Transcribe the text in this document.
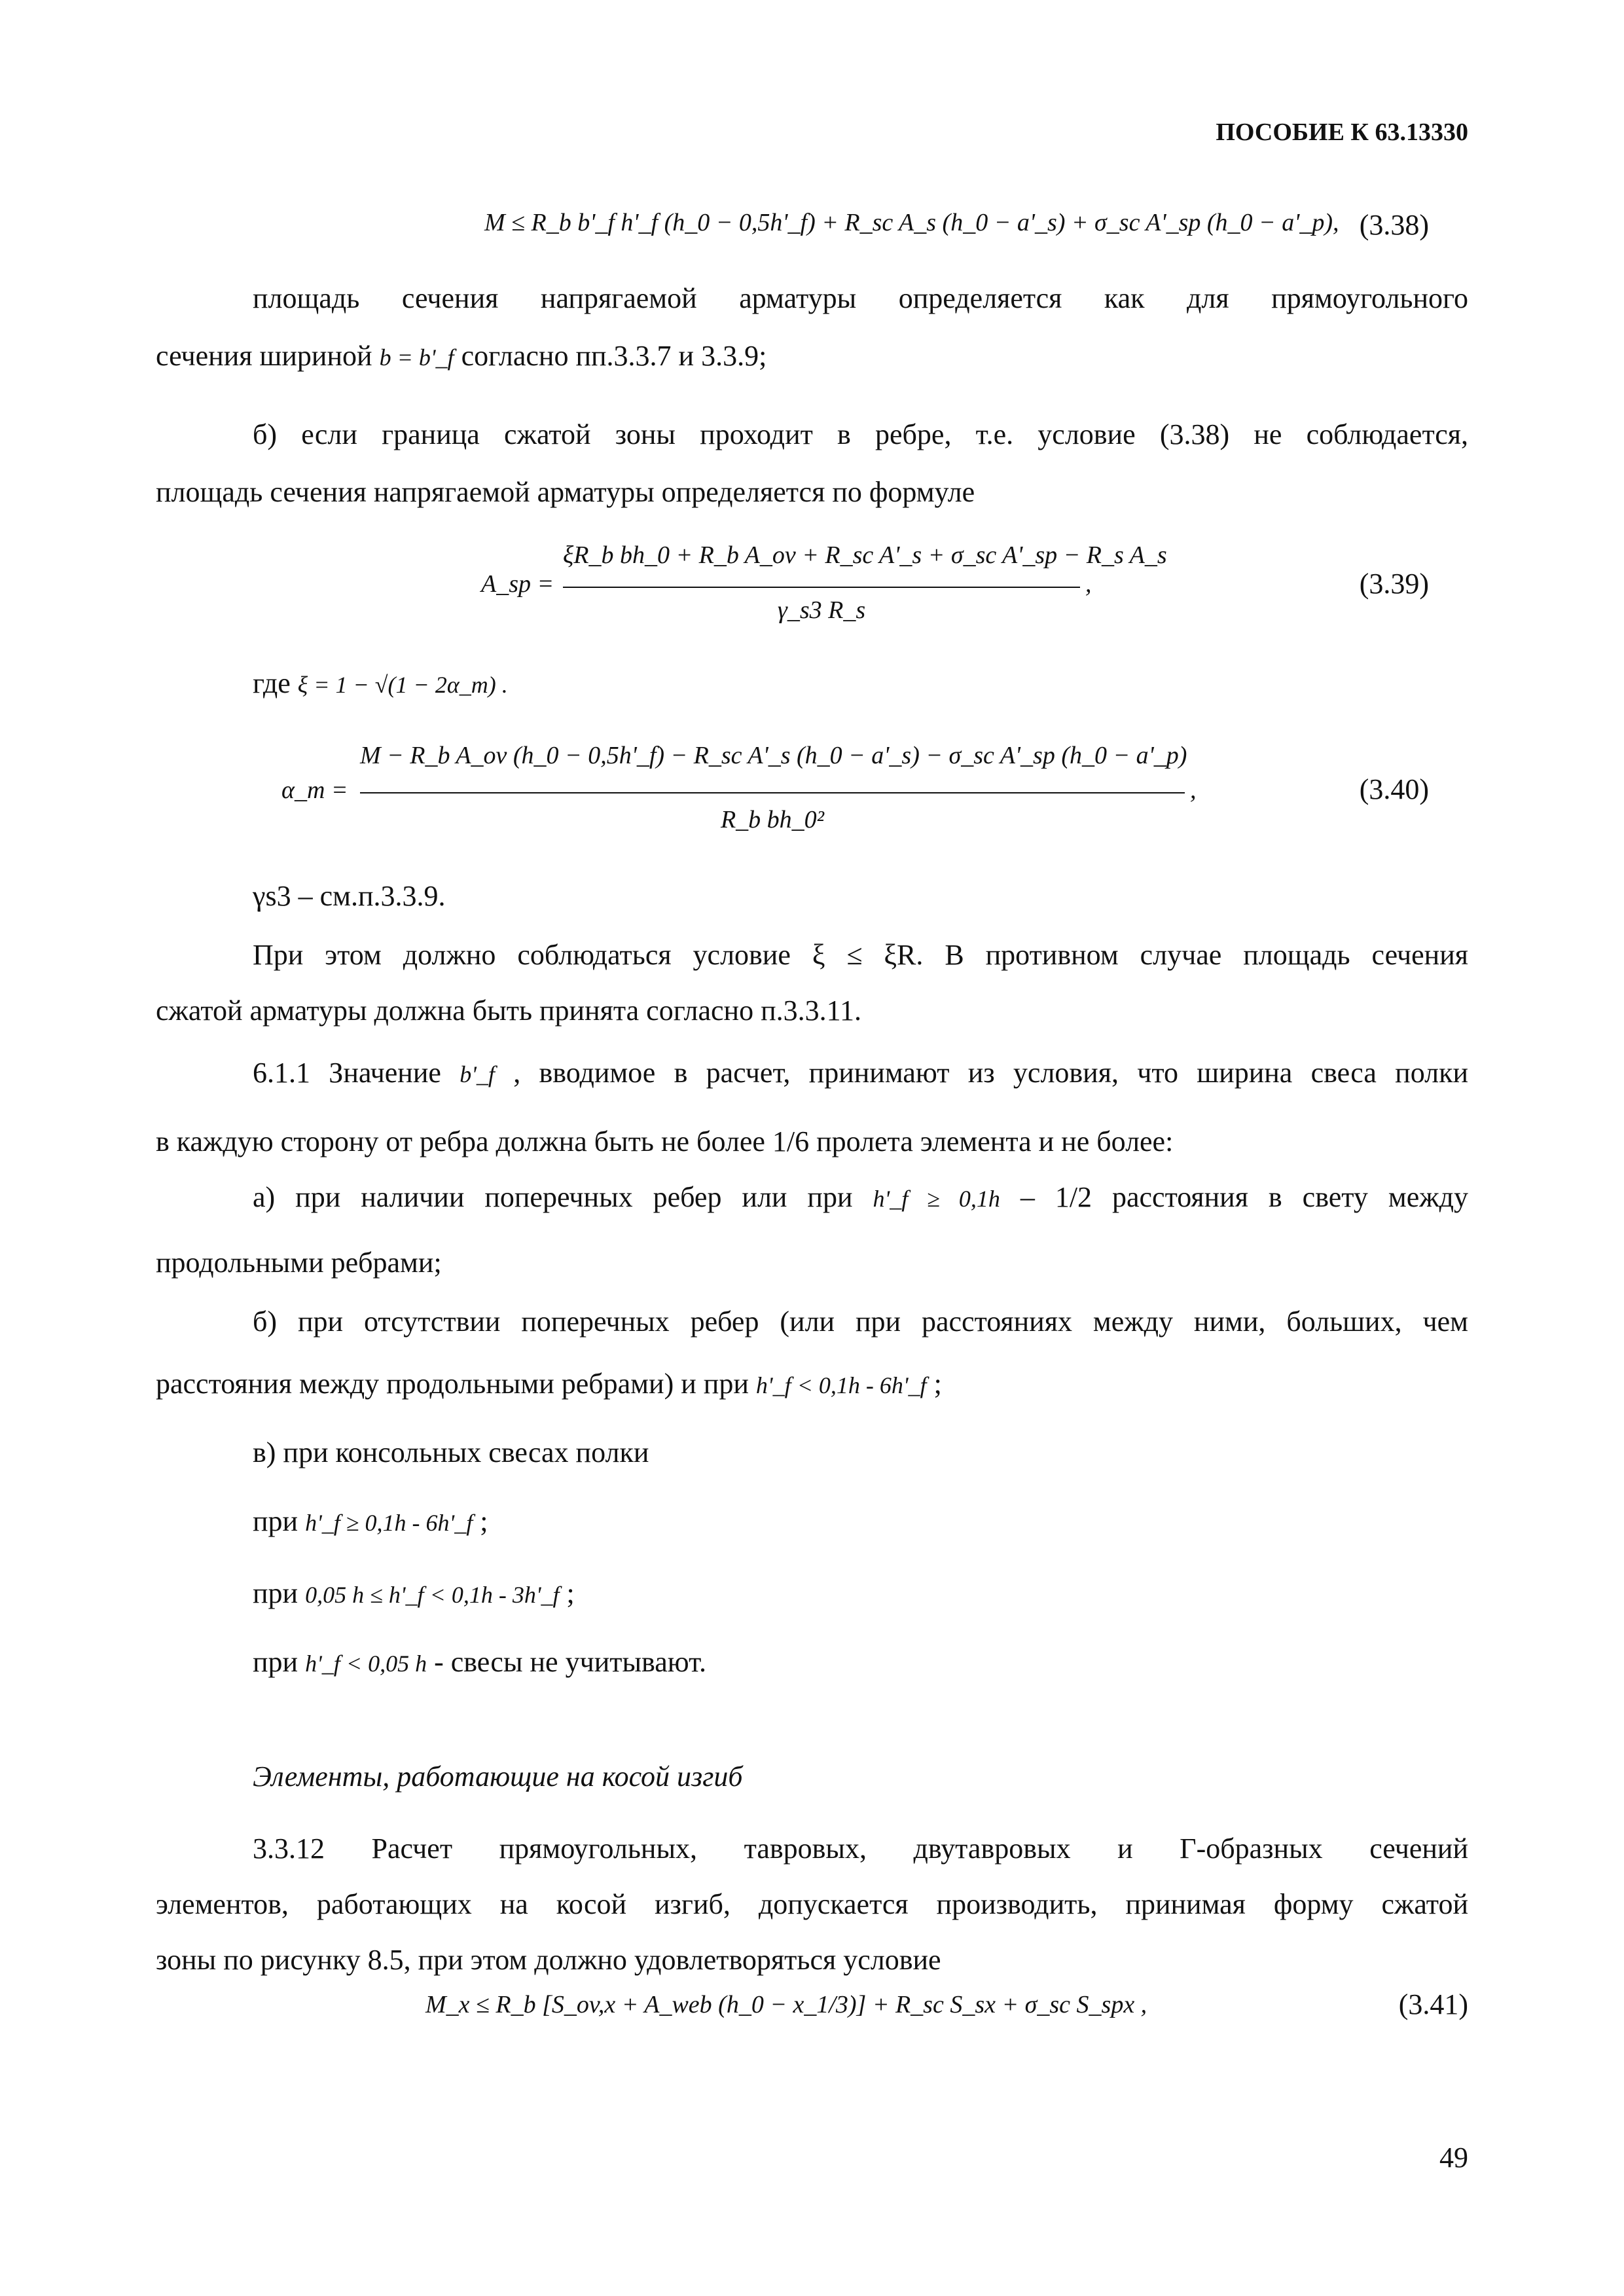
ПОСОБИЕ К 63.13330
M ≤ R_b b'_f h'_f (h_0 − 0,5h'_f) + R_sc A_s (h_0 − a'_s) + σ_sc A'_sp (h_0 − a'_p), (3.38)

площадь сечения напрягаемой арматуры определяется как для прямоугольного

сечения шириной b = b'_f согласно пп.3.3.7 и 3.3.9;

б) если граница сжатой зоны проходит в ребре, т.е. условие (3.38) не соблюдается,

площадь сечения напрягаемой арматуры определяется по формуле

A_sp =
ξR_b bh_0 + R_b A_ov + R_sc A'_s + σ_sc A'_sp − R_s A_s
γ_s3 R_s
,	(3.39)

где ξ = 1 − √(1 − 2α_m) .

α_m =
M − R_b A_ov (h_0 − 0,5h'_f) − R_sc A'_s (h_0 − a'_s) − σ_sc A'_sp (h_0 − a'_p)
R_b bh_0²
,	(3.40)

γs3 – см.п.3.3.9.

При этом должно соблюдаться условие ξ ≤ ξR. В противном случае площадь сечения

сжатой арматуры должна быть принята согласно п.3.3.11.

6.1.1 Значение b'_f , вводимое в расчет, принимают из условия, что ширина свеса полки

в каждую сторону от ребра должна быть не более 1/6 пролета элемента и не более:

а) при наличии поперечных ребер или при h'_f ≥ 0,1h – 1/2 расстояния в свету между

продольными ребрами;

б) при отсутствии поперечных ребер (или при расстояниях между ними, больших, чем

расстояния между продольными ребрами) и при h'_f < 0,1h - 6h'_f ;

в) при консольных свесах полки

при h'_f ≥ 0,1h - 6h'_f ;

при 0,05 h ≤ h'_f < 0,1h - 3h'_f ;

при h'_f < 0,05 h - свесы не учитывают.

Элементы, работающие на косой изгиб

3.3.12 Расчет прямоугольных, тавровых, двутавровых и Г-образных сечений

элементов, работающих на косой изгиб, допускается производить, принимая форму сжатой

зоны по рисунку 8.5, при этом должно удовлетворяться условие

M_x ≤ R_b [S_ov,x + A_web (h_0 − x_1/3)] + R_sc S_sx + σ_sc S_spx ,	(3.41)
49
